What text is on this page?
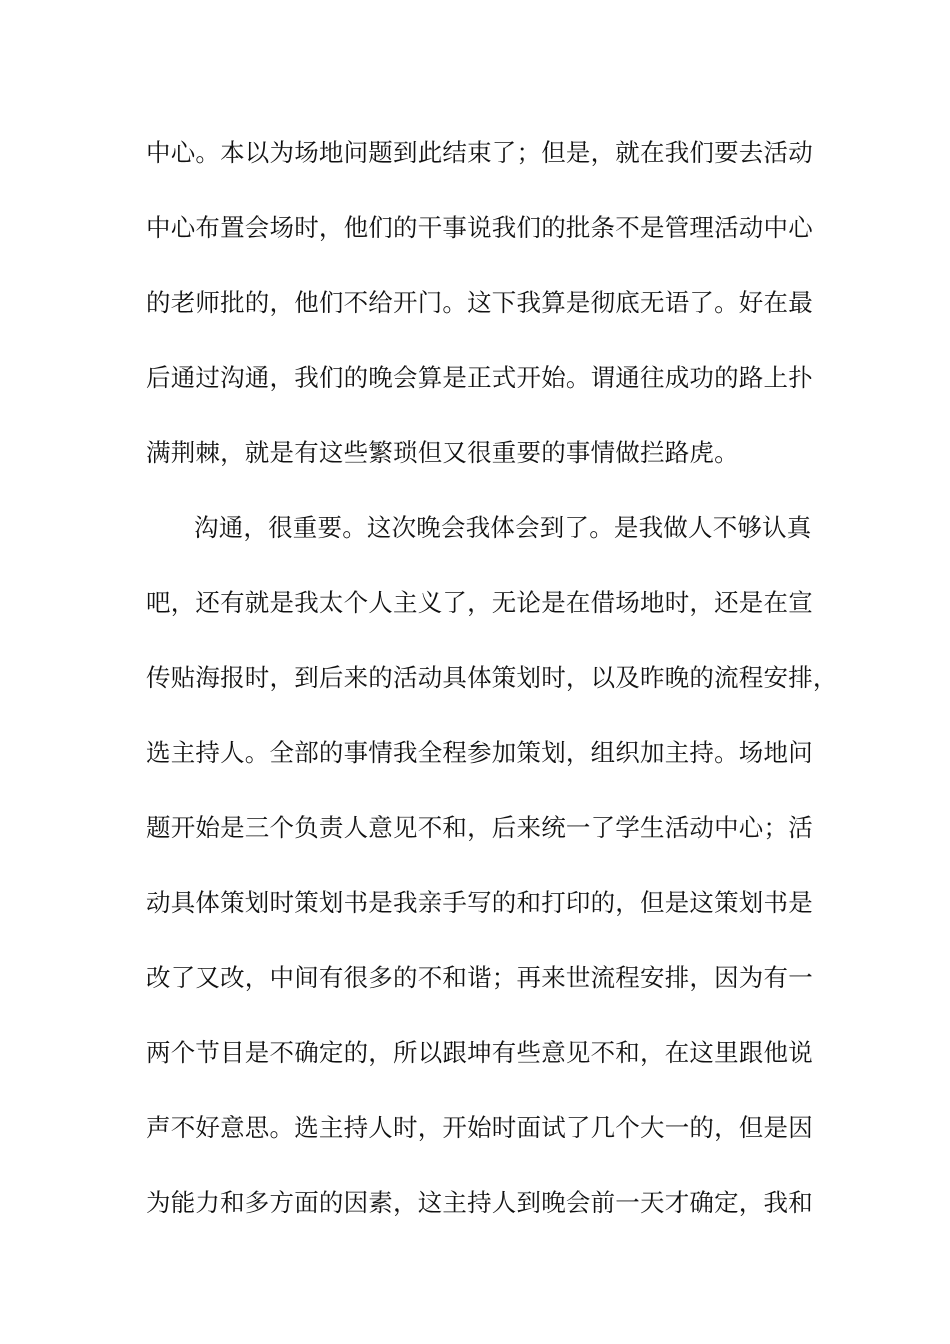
中心。本以为场地问题到此结束了；但是，就在我们要去活动
中心布置会场时，他们的干事说我们的批条不是管理活动中心
的老师批的，他们不给开门。这下我算是彻底无语了。好在最
后通过沟通，我们的晚会算是正式开始。谓通往成功的路上扑
满荆棘，就是有这些繁琐但又很重要的事情做拦路虎。
沟通，很重要。这次晚会我体会到了。是我做人不够认真
吧，还有就是我太个人主义了，无论是在借场地时，还是在宣
传贴海报时，到后来的活动具体策划时，以及昨晚的流程安排，
选主持人。全部的事情我全程参加策划，组织加主持。场地问
题开始是三个负责人意见不和，后来统一了学生活动中心；活
动具体策划时策划书是我亲手写的和打印的，但是这策划书是
改了又改，中间有很多的不和谐；再来世流程安排，因为有一
两个节目是不确定的，所以跟坤有些意见不和，在这里跟他说
声不好意思。选主持人时，开始时面试了几个大一的，但是因
为能力和多方面的因素，这主持人到晚会前一天才确定，我和
